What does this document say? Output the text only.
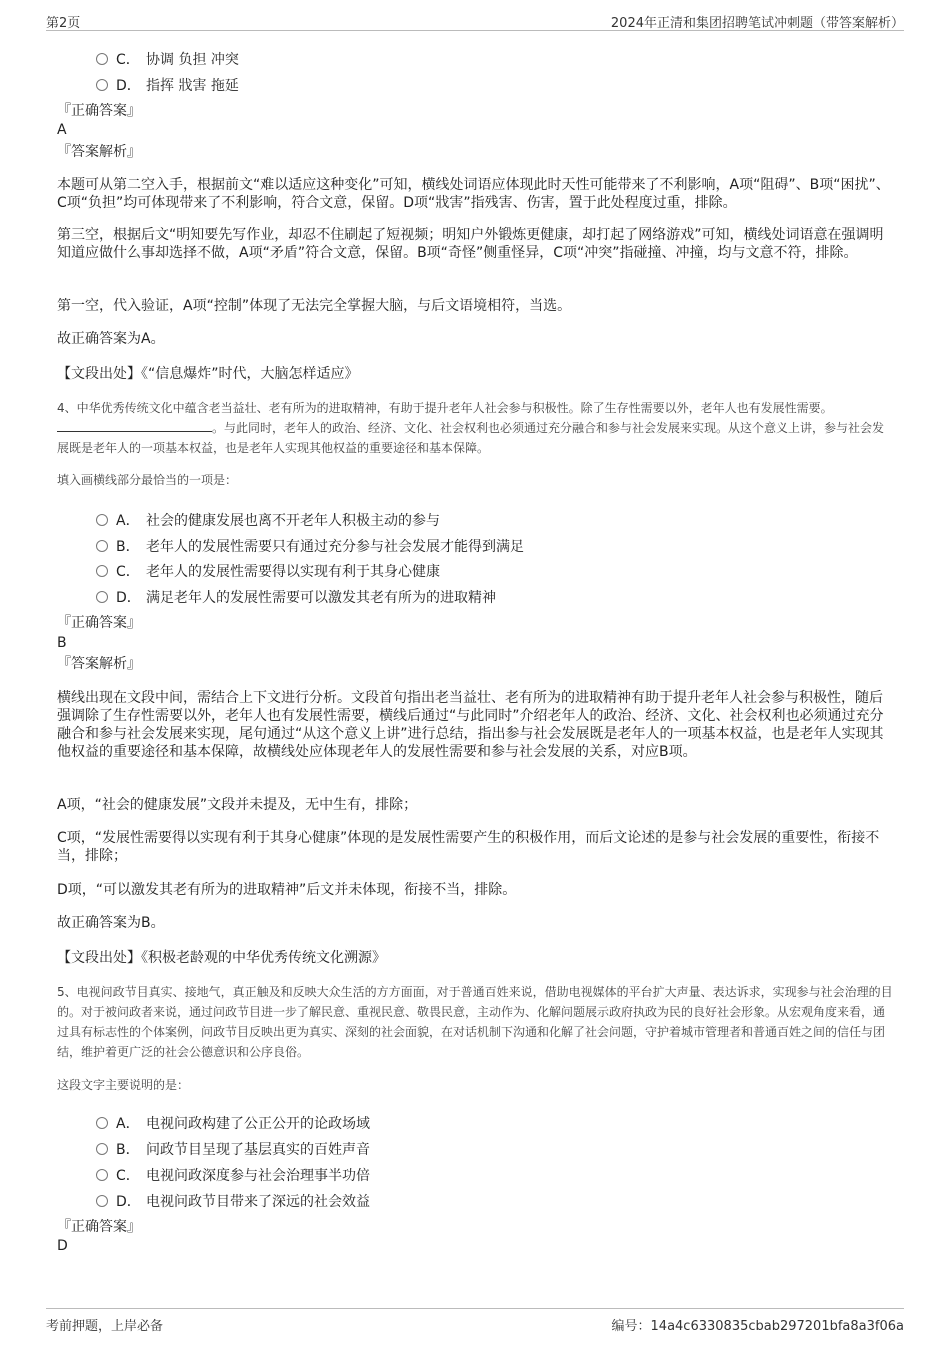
第2页	2024年正清和集团招聘笔试冲刺题（带答案解析）
C． 协调 负担 冲突
D． 指挥 戕害 拖延
『正确答案』
A
『答案解析』
本题可从第二空入手，根据前文“难以适应这种变化”可知，横线处词语应体现此时天性可能带来了不利影响，A项“阻碍”、B项“困扰”、C项“负担”均可体现带来了不利影响，符合文意，保留。D项“戕害”指残害、伤害，置于此处程度过重，排除。
第三空，根据后文“明知要先写作业，却忍不住刷起了短视频；明知户外锻炼更健康，却打起了网络游戏”可知，横线处词语意在强调明知道应做什么事却选择不做，A项“矛盾”符合文意，保留。B项“奇怪”侧重怪异，C项“冲突”指碰撞、冲撞，均与文意不符，排除。
第一空，代入验证，A项“控制”体现了无法完全掌握大脑，与后文语境相符，当选。
故正确答案为A。
【文段出处】《“信息爆炸”时代，大脑怎样适应》
4、中华优秀传统文化中蕴含老当益壮、老有所为的进取精神，有助于提升老年人社会参与积极性。除了生存性需要以外，老年人也有发展性需要。。与此同时，老年人的政治、经济、文化、社会权利也必须通过充分融合和参与社会发展来实现。从这个意义上讲，参与社会发展既是老年人的一项基本权益，也是老年人实现其他权益的重要途径和基本保障。
填入画横线部分最恰当的一项是：
A． 社会的健康发展也离不开老年人积极主动的参与
B． 老年人的发展性需要只有通过充分参与社会发展才能得到满足
C． 老年人的发展性需要得以实现有利于其身心健康
D． 满足老年人的发展性需要可以激发其老有所为的进取精神
『正确答案』
B
『答案解析』
横线出现在文段中间，需结合上下文进行分析。文段首句指出老当益壮、老有所为的进取精神有助于提升老年人社会参与积极性，随后强调除了生存性需要以外，老年人也有发展性需要，横线后通过“与此同时”介绍老年人的政治、经济、文化、社会权利也必须通过充分融合和参与社会发展来实现，尾句通过“从这个意义上讲”进行总结，指出参与社会发展既是老年人的一项基本权益，也是老年人实现其他权益的重要途径和基本保障，故横线处应体现老年人的发展性需要和参与社会发展的关系，对应B项。
A项，“社会的健康发展”文段并未提及，无中生有，排除；
C项，“发展性需要得以实现有利于其身心健康”体现的是发展性需要产生的积极作用，而后文论述的是参与社会发展的重要性，衔接不当，排除；
D项，“可以激发其老有所为的进取精神”后文并未体现，衔接不当，排除。
故正确答案为B。
【文段出处】《积极老龄观的中华优秀传统文化溯源》
5、电视问政节目真实、接地气，真正触及和反映大众生活的方方面面，对于普通百姓来说，借助电视媒体的平台扩大声量、表达诉求，实现参与社会治理的目的。对于被问政者来说，通过问政节目进一步了解民意、重视民意、敬畏民意，主动作为、化解问题展示政府执政为民的良好社会形象。从宏观角度来看，通过具有标志性的个体案例，问政节目反映出更为真实、深刻的社会面貌，在对话机制下沟通和化解了社会问题，守护着城市管理者和普通百姓之间的信任与团结，维护着更广泛的社会公德意识和公序良俗。
这段文字主要说明的是：
A． 电视问政构建了公正公开的论政场域
B． 问政节目呈现了基层真实的百姓声音
C． 电视问政深度参与社会治理事半功倍
D． 电视问政节目带来了深远的社会效益
『正确答案』
D
考前押题，上岸必备	编号：14a4c6330835cbab297201bfa8a3f06a
